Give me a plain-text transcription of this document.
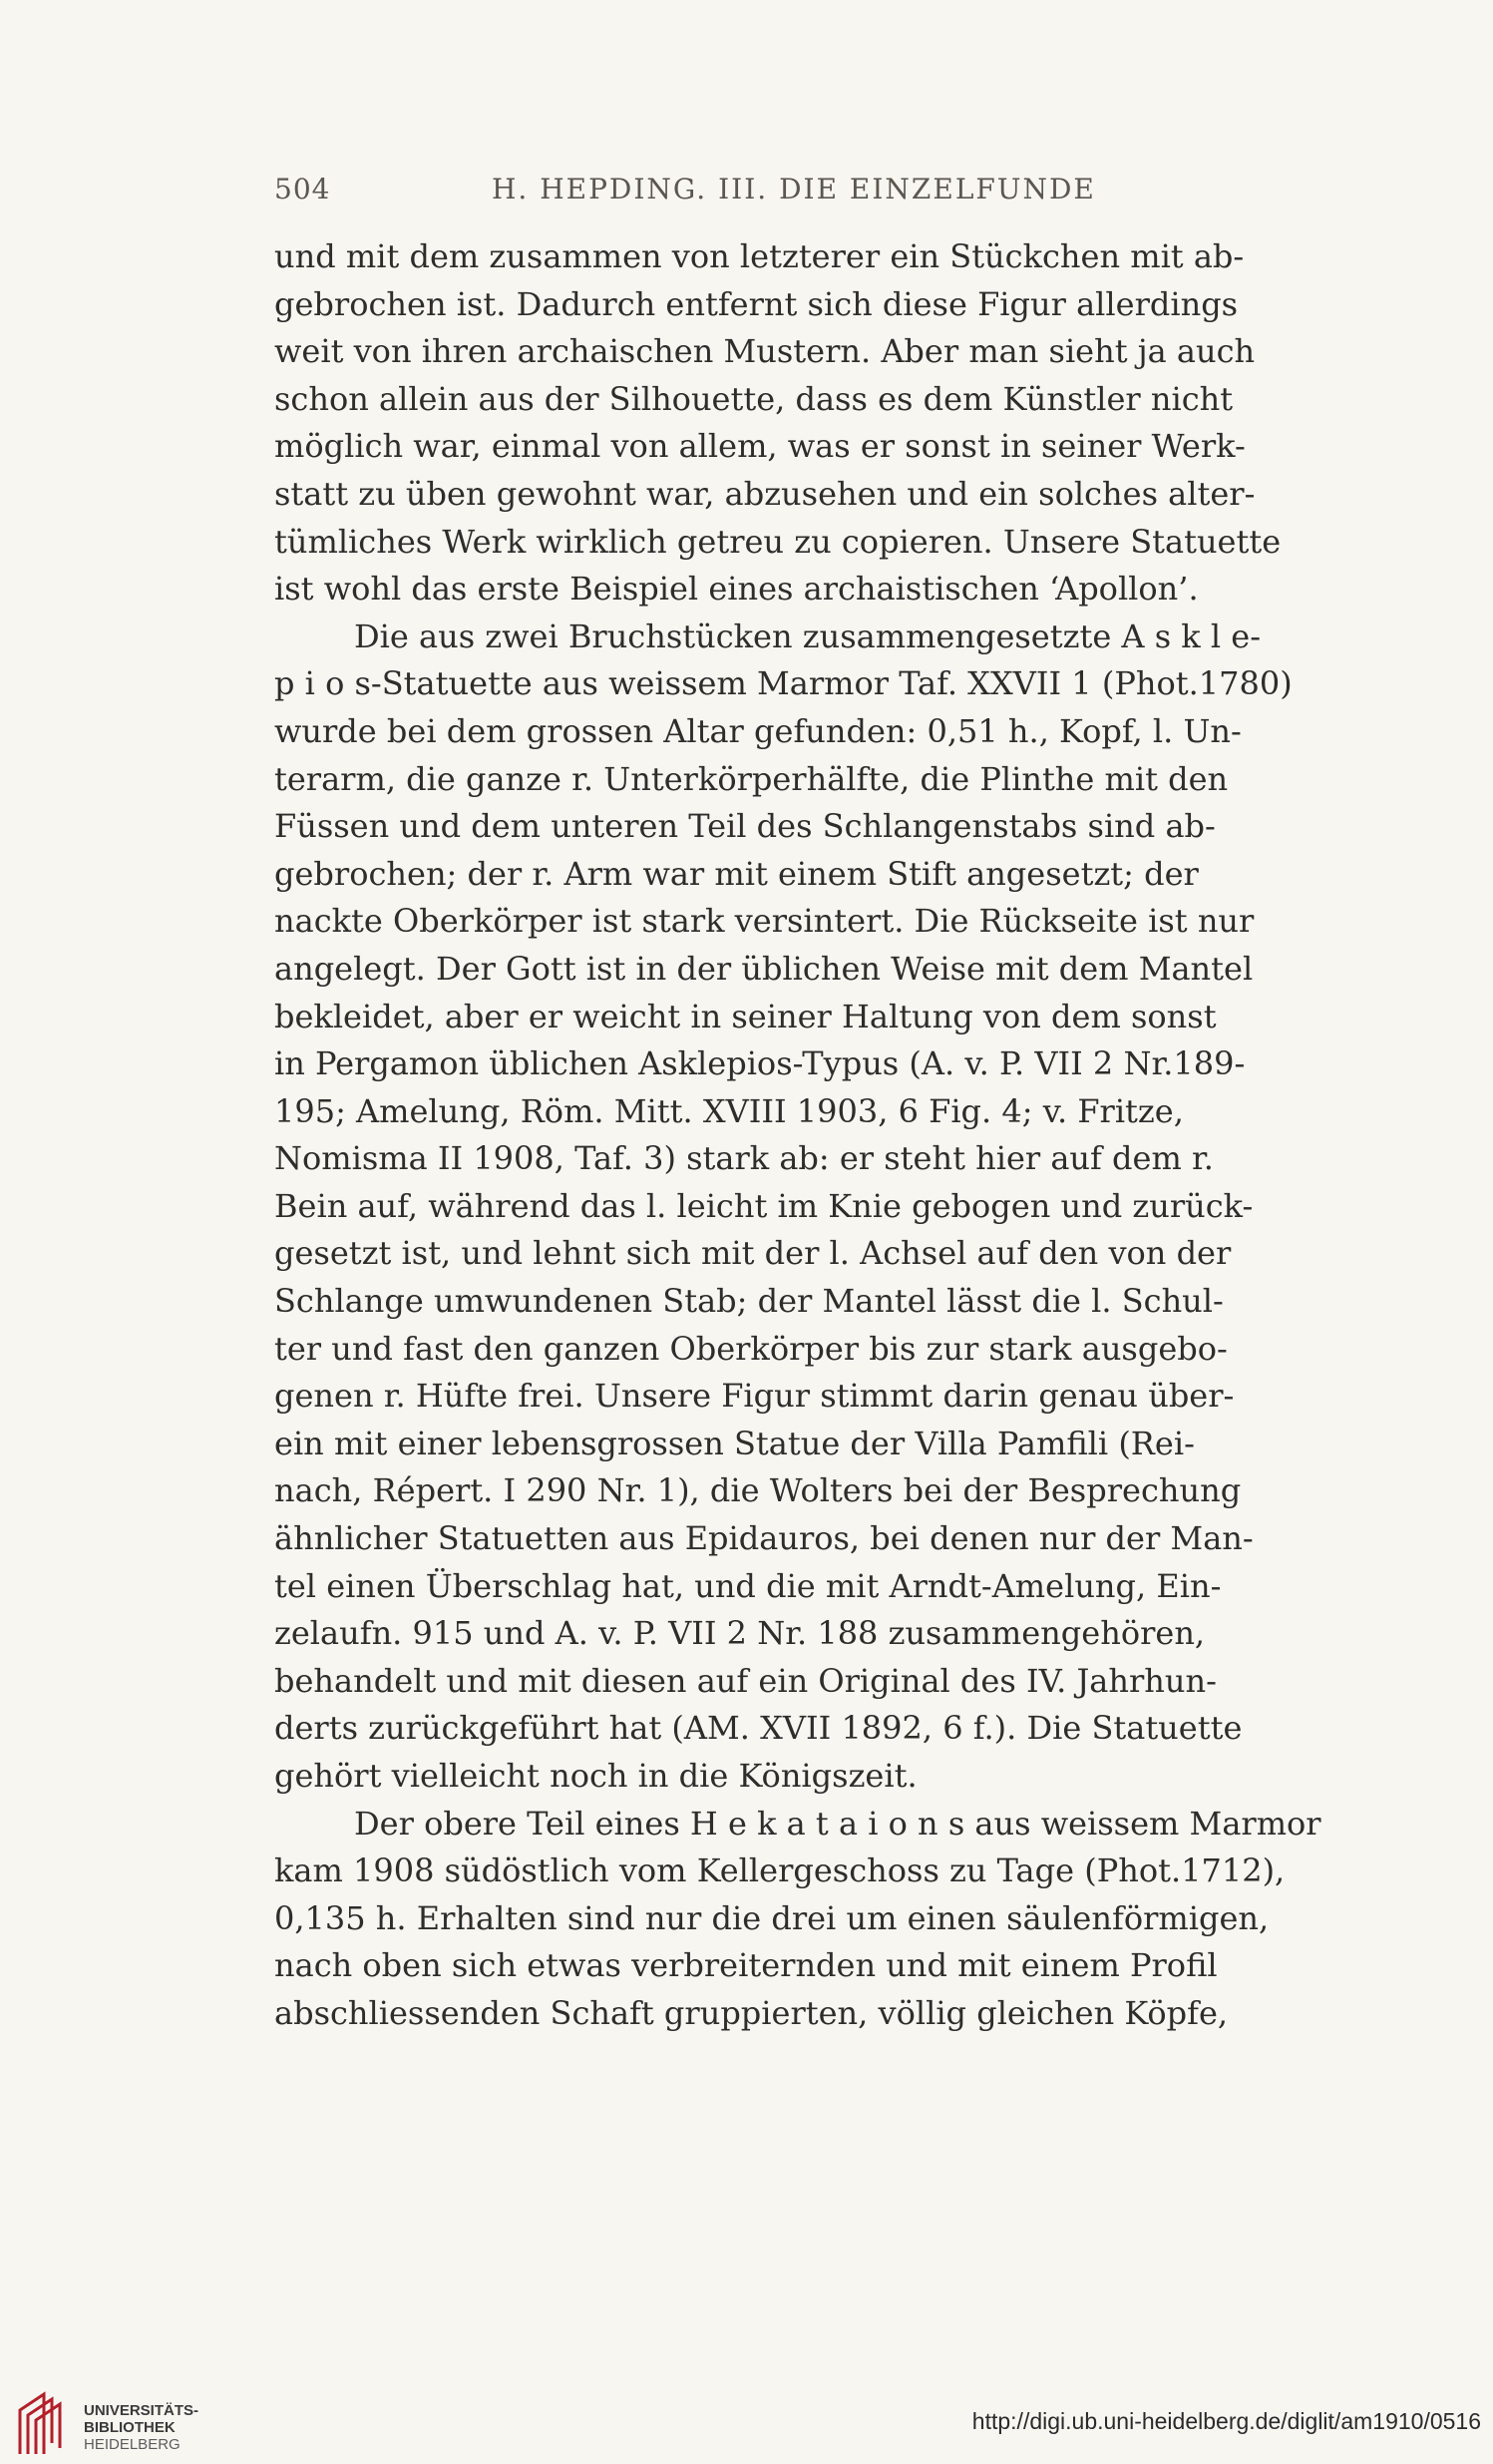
504	H. HEPDING. III. DIE EINZELFUNDE
und mit dem zusammen von letzterer ein Stückchen mit ab-
gebrochen ist. Dadurch entfernt sich diese Figur allerdings
weit von ihren archaischen Mustern. Aber man sieht ja auch
schon allein aus der Silhouette, dass es dem Künstler nicht
möglich war, einmal von allem, was er sonst in seiner Werk-
statt zu üben gewohnt war, abzusehen und ein solches alter-
tümliches Werk wirklich getreu zu copieren. Unsere Statuette
ist wohl das erste Beispiel eines archaistischen ‘Apollon’.
Die aus zwei Bruchstücken zusammengesetzte A s k l e-
p i o s-Statuette aus weissem Marmor Taf. XXVII 1 (Phot.1780)
wurde bei dem grossen Altar gefunden: 0,51 h., Kopf, l. Un-
terarm, die ganze r. Unterkörperhälfte, die Plinthe mit den
Füssen und dem unteren Teil des Schlangenstabs sind ab-
gebrochen; der r. Arm war mit einem Stift angesetzt; der
nackte Oberkörper ist stark versintert. Die Rückseite ist nur
angelegt. Der Gott ist in der üblichen Weise mit dem Mantel
bekleidet, aber er weicht in seiner Haltung von dem sonst
in Pergamon üblichen Asklepios-Typus (A. v. P. VII 2 Nr.189-
195; Amelung, Röm. Mitt. XVIII 1903, 6 Fig. 4; v. Fritze,
Nomisma II 1908, Taf. 3) stark ab: er steht hier auf dem r.
Bein auf, während das l. leicht im Knie gebogen und zurück-
gesetzt ist, und lehnt sich mit der l. Achsel auf den von der
Schlange umwundenen Stab; der Mantel lässt die l. Schul-
ter und fast den ganzen Oberkörper bis zur stark ausgebo-
genen r. Hüfte frei. Unsere Figur stimmt darin genau über-
ein mit einer lebensgrossen Statue der Villa Pamfili (Rei-
nach, Répert. I 290 Nr. 1), die Wolters bei der Besprechung
ähnlicher Statuetten aus Epidauros, bei denen nur der Man-
tel einen Überschlag hat, und die mit Arndt-Amelung, Ein-
zelaufn. 915 und A. v. P. VII 2 Nr. 188 zusammengehören,
behandelt und mit diesen auf ein Original des IV. Jahrhun-
derts zurückgeführt hat (AM. XVII 1892, 6 f.). Die Statuette
gehört vielleicht noch in die Königszeit.
Der obere Teil eines H e k a t a i o n s aus weissem Marmor
kam 1908 südöstlich vom Kellergeschoss zu Tage (Phot.1712),
0,135 h. Erhalten sind nur die drei um einen säulenförmigen,
nach oben sich etwas verbreiternden und mit einem Profil
abschliessenden Schaft gruppierten, völlig gleichen Köpfe,
UNIVERSITÄTS-
BIBLIOTHEK
HEIDELBERG
http://digi.ub.uni-heidelberg.de/diglit/am1910/0516
